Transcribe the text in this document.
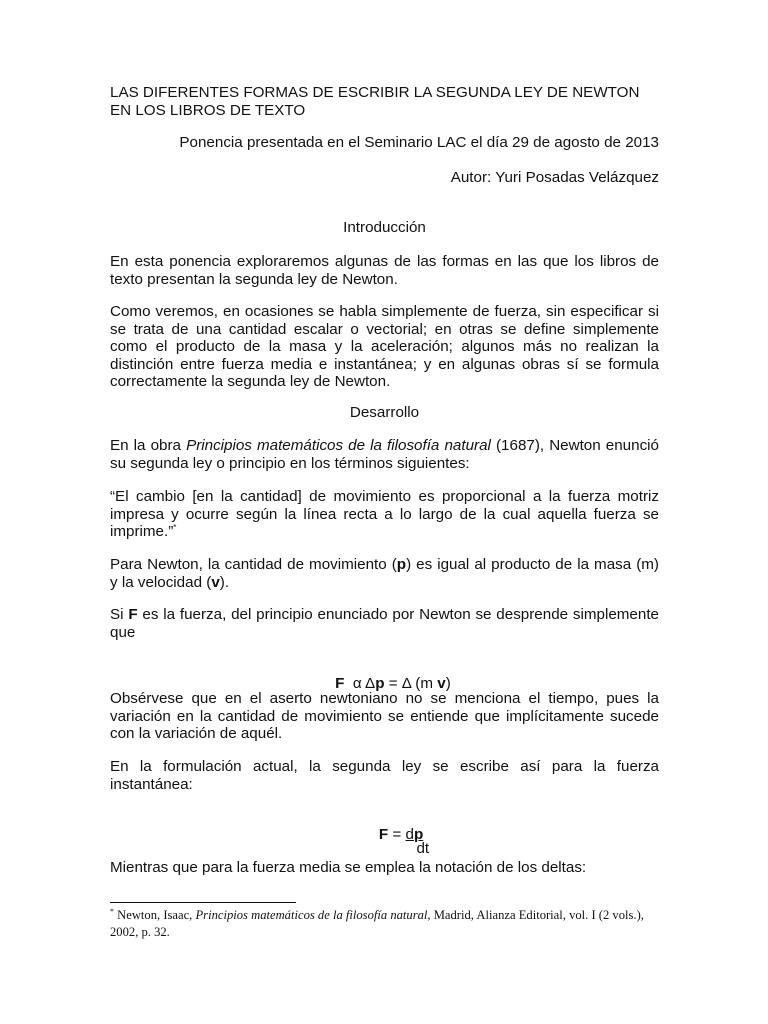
LAS DIFERENTES FORMAS DE ESCRIBIR LA SEGUNDA LEY DE NEWTON
EN LOS LIBROS DE TEXTO
Ponencia presentada en el Seminario LAC el día 29 de agosto de 2013
Autor: Yuri Posadas Velázquez
Introducción
En esta ponencia exploraremos algunas de las formas en las que los libros de texto presentan la segunda ley de Newton.
Como veremos, en ocasiones se habla simplemente de fuerza, sin especificar si se trata de una cantidad escalar o vectorial; en otras se define simplemente como el producto de la masa y la aceleración; algunos más no realizan la distinción entre fuerza media e instantánea; y en algunas obras sí se formula correctamente la segunda ley de Newton.
Desarrollo
En la obra Principios matemáticos de la filosofía natural (1687), Newton enunció su segunda ley o principio en los términos siguientes:
“El cambio [en la cantidad] de movimiento es proporcional a la fuerza motriz impresa y ocurre según la línea recta a lo largo de la cual aquella fuerza se imprime.”*
Para Newton, la cantidad de movimiento (p) es igual al producto de la masa (m) y la velocidad (v).
Si F es la fuerza, del principio enunciado por Newton se desprende simplemente que

F  α Δp = Δ (m v)

Obsérvese que en el aserto newtoniano no se menciona el tiempo, pues la variación en la cantidad de movimiento se entiende que implícitamente sucede con la variación de aquél.
En la formulación actual, la segunda ley se escribe así para la fuerza instantánea:

$F = \frac{dp}{dt}$

Mientras que para la fuerza media se emplea la notación de los deltas:
* Newton, Isaac, Principios matemáticos de la filosofía natural, Madrid, Alianza Editorial, vol. I (2 vols.), 2002, p. 32.
